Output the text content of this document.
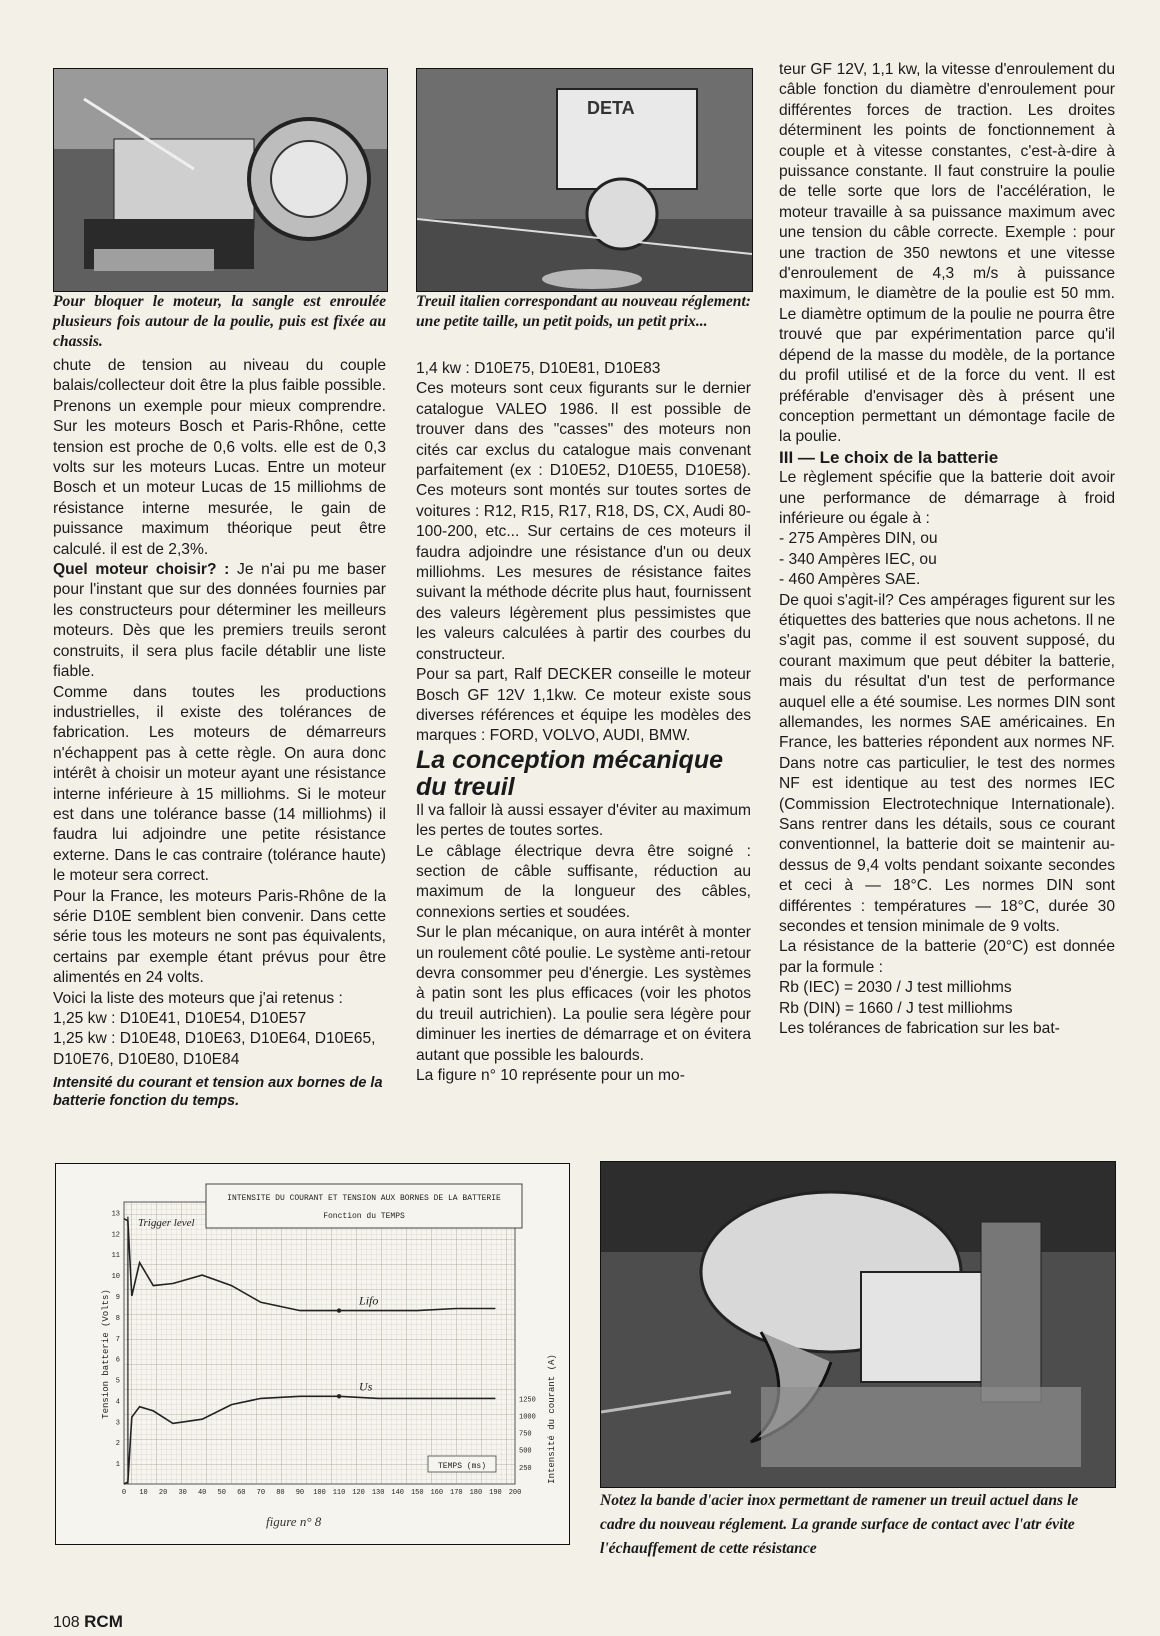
Pour bloquer le moteur, la sangle est enroulée plusieurs fois autour de la poulie, puis est fixée au chassis.
DETA
Treuil italien correspondant au nouveau réglement: une petite taille, un petit poids, un petit prix...

chute de tension au niveau du couple balais/collecteur doit être la plus faible possible. Prenons un exemple pour mieux comprendre. Sur les moteurs Bosch et Paris-Rhône, cette tension est proche de 0,6 volts. elle est de 0,3 volts sur les moteurs Lucas. Entre un moteur Bosch et un moteur Lucas de 15 milliohms de résistance interne mesurée, le gain de puissance maximum théorique peut être calculé. il est de 2,3%.

Quel moteur choisir? : Je n'ai pu me baser pour l'instant que sur des données fournies par les constructeurs pour déterminer les meilleurs moteurs. Dès que les premiers treuils seront construits, il sera plus facile détablir une liste fiable.

Comme dans toutes les productions industrielles, il existe des tolérances de fabrication. Les moteurs de démarreurs n'échappent pas à cette règle. On aura donc intérêt à choisir un moteur ayant une résistance interne inférieure à 15 milliohms. Si le moteur est dans une tolérance basse (14 milliohms) il faudra lui adjoindre une petite résistance externe. Dans le cas contraire (tolérance haute) le moteur sera correct.

Pour la France, les moteurs Paris-Rhône de la série D10E semblent bien convenir. Dans cette série tous les moteurs ne sont pas équivalents, certains par exemple étant prévus pour être alimentés en 24 volts.

Voici la liste des moteurs que j'ai retenus :

1,25 kw : D10E41, D10E54, D10E57

1,25 kw : D10E48, D10E63, D10E64, D10E65, D10E76, D10E80, D10E84

Intensité du courant et tension aux bornes de la batterie fonction du temps.

1,4 kw : D10E75, D10E81, D10E83

Ces moteurs sont ceux figurants sur le dernier catalogue VALEO 1986. Il est possible de trouver dans des "casses" des moteurs non cités car exclus du catalogue mais convenant parfaitement (ex : D10E52, D10E55, D10E58). Ces moteurs sont montés sur toutes sortes de voitures : R12, R15, R17, R18, DS, CX, Audi 80-100-200, etc... Sur certains de ces moteurs il faudra adjoindre une résistance d'un ou deux milliohms. Les mesures de résistance faites suivant la méthode décrite plus haut, fournissent des valeurs légèrement plus pessimistes que les valeurs calculées à partir des courbes du constructeur.

Pour sa part, Ralf DECKER conseille le moteur Bosch GF 12V 1,1kw. Ce moteur existe sous diverses références et équipe les modèles des marques : FORD, VOLVO, AUDI, BMW.

La conception mécanique du treuil

Il va falloir là aussi essayer d'éviter au maximum les pertes de toutes sortes.

Le câblage électrique devra être soigné : section de câble suffisante, réduction au maximum de la longueur des câbles, connexions serties et soudées.

Sur le plan mécanique, on aura intérêt à monter un roulement côté poulie. Le système anti-retour devra consommer peu d'énergie. Les systèmes à patin sont les plus efficaces (voir les photos du treuil autrichien). La poulie sera légère pour diminuer les inerties de démarrage et on évitera autant que possible les balourds.

La figure n° 10 représente pour un mo-

teur GF 12V, 1,1 kw, la vitesse d'enroulement du câble fonction du diamètre d'enroulement pour différentes forces de traction. Les droites déterminent les points de fonctionnement à couple et à vitesse constantes, c'est-à-dire à puissance constante. Il faut construire la poulie de telle sorte que lors de l'accélération, le moteur travaille à sa puissance maximum avec une tension du câble correcte. Exemple : pour une traction de 350 newtons et une vitesse d'enroulement de 4,3 m/s à puissance maximum, le diamètre de la poulie est 50 mm. Le diamètre optimum de la poulie ne pourra être trouvé que par expérimentation parce qu'il dépend de la masse du modèle, de la portance du profil utilisé et de la force du vent. Il est préférable d'envisager dès à présent une conception permettant un démontage facile de la poulie.

III — Le choix de la batterie

Le règlement spécifie que la batterie doit avoir une performance de démarrage à froid inférieure ou égale à :

- 275 Ampères DIN, ou

- 340 Ampères IEC, ou

- 460 Ampères SAE.

De quoi s'agit-il? Ces ampérages figurent sur les étiquettes des batteries que nous achetons. Il ne s'agit pas, comme il est souvent supposé, du courant maximum que peut débiter la batterie, mais du résultat d'un test de performance auquel elle a été soumise. Les normes DIN sont allemandes, les normes SAE américaines. En France, les batteries répondent aux normes NF. Dans notre cas particulier, le test des normes NF est identique au test des normes IEC (Commission Electrotechnique Internationale). Sans rentrer dans les détails, sous ce courant conventionnel, la batterie doit se maintenir au-dessus de 9,4 volts pendant soixante secondes et ceci à — 18°C. Les normes DIN sont différentes : températures — 18°C, durée 30 secondes et tension minimale de 9 volts.

La résistance de la batterie (20°C) est donnée par la formule :

Rb (IEC) = 2030 / J test milliohms

Rb (DIN) = 1660 / J test milliohms

Les tolérances de fabrication sur les bat-

INTENSITE DU COURANT ET TENSION AUX BORNES DE LA BATTERIE
Fonction du TEMPS
Tension batterie (Volts)
Intensité du courant (A)
TEMPS (ms)
Trigger level
figure n° 8
0 10 20 30 40 50 60 70 80 90 100 110 120 130 140 150 160 170 180 190 200
1
2
3
4
5
6
7
8
9
10
11
12
13
250
500
750
1000
1250
Lifo
Us
Notez la bande d'acier inox permettant de ramener un treuil actuel dans le cadre du nouveau réglement. La grande surface de contact avec l'atr évite l'échauffement de cette résistance
108 RCM
